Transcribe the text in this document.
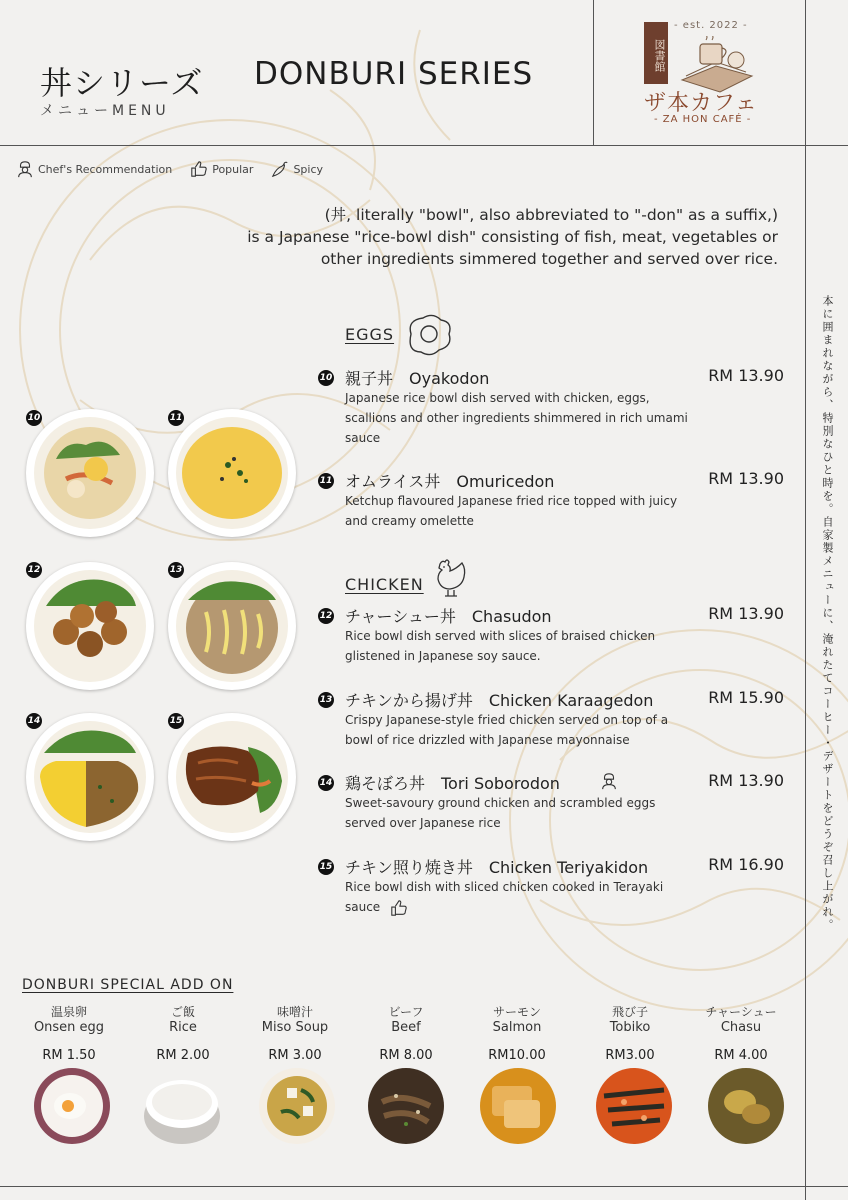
丼シリーズ DONBURI SERIES
メニューMENU
図書館
- est. 2022 -
ザ本カフェ
- ZA HON CAFÉ -
Chef's Recommendation	Popular	Spicy
(丼, literally "bowl", also abbreviated to "-don" as a suffix,)
is a Japanese "rice-bowl dish" consisting of fish, meat, vegetables or
other ingredients simmered together and served over rice.
本に囲まれながら、特別なひと時を。自家製メニューに、淹れたてコーヒー・デザートをどうぞ召し上がれ。
EGGS
CHICKEN
10 親子丼　Oyakodon	RM 13.90
Japanese rice bowl dish served with chicken, eggs, scallions and other ingredients shimmered in rich umami sauce
11 オムライス丼　Omuricedon	RM 13.90
Ketchup flavoured Japanese fried rice topped with juicy and creamy omelette
12 チャーシュー丼　Chasudon	RM 13.90
Rice bowl dish served with slices of braised chicken glistened in Japanese soy sauce.
13 チキンから揚げ丼　Chicken Karaagedon	RM 15.90
Crispy Japanese-style fried chicken served on top of a bowl of rice drizzled with Japanese mayonnaise
14 鶏そぼろ丼　Tori Soborodon	RM 13.90
Sweet-savoury ground chicken and scrambled eggs served over Japanese rice
15 チキン照り焼き丼　Chicken Teriyakidon	RM 16.90
Rice bowl dish with sliced chicken cooked in Terayaki sauce
10	11
12	13
14	15
DONBURI SPECIAL ADD ON
温泉卵
Onsen egg
RM 1.50
ご飯
Rice
RM 2.00
味噌汁
Miso Soup
RM 3.00
ビーフ
Beef
RM 8.00
サーモン
Salmon
RM10.00
飛び子
Tobiko
RM3.00
チャーシュー
Chasu
RM 4.00
